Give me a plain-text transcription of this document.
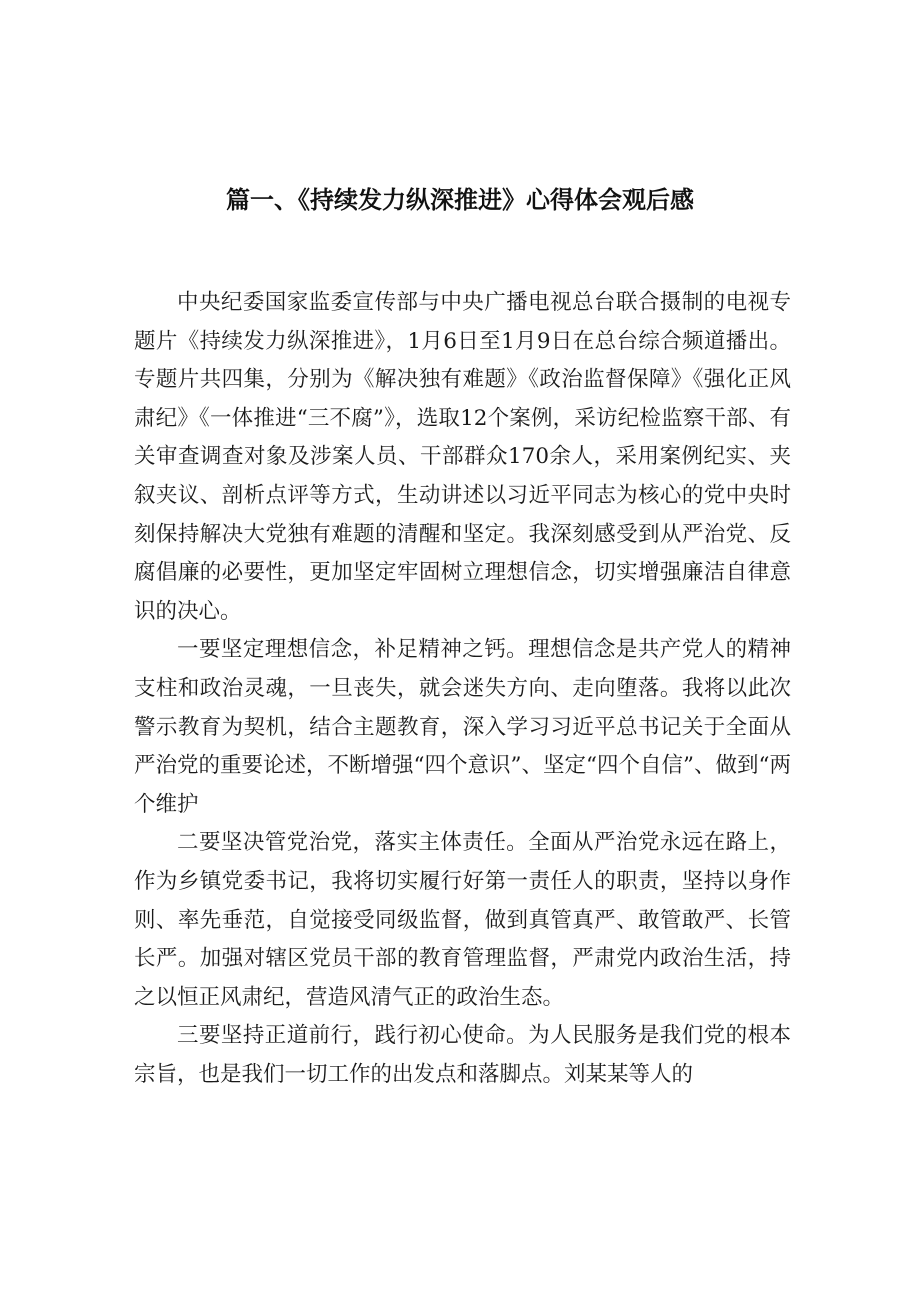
篇一、《持续发力纵深推进》心得体会观后感

中央纪委国家监委宣传部与中央广播电视总台联合摄制的电视专题片《持续发力纵深推进》，1月6日至1月9日在总台综合频道播出。专题片共四集，分别为《解决独有难题》《政治监督保障》《强化正风肃纪》《一体推进“三不腐”》，选取12个案例，采访纪检监察干部、有关审查调查对象及涉案人员、干部群众170余人，采用案例纪实、夹叙夹议、剖析点评等方式，生动讲述以习近平同志为核心的党中央时刻保持解决大党独有难题的清醒和坚定。我深刻感受到从严治党、反腐倡廉的必要性，更加坚定牢固树立理想信念，切实增强廉洁自律意识的决心。

一要坚定理想信念，补足精神之钙。理想信念是共产党人的精神支柱和政治灵魂，一旦丧失，就会迷失方向、走向堕落。我将以此次警示教育为契机，结合主题教育，深入学习习近平总书记关于全面从严治党的重要论述，不断增强“四个意识”、坚定“四个自信”、做到“两个维护

二要坚决管党治党，落实主体责任。全面从严治党永远在路上，作为乡镇党委书记，我将切实履行好第一责任人的职责，坚持以身作则、率先垂范，自觉接受同级监督，做到真管真严、敢管敢严、长管长严。加强对辖区党员干部的教育管理监督，严肃党内政治生活，持之以恒正风肃纪，营造风清气正的政治生态。

三要坚持正道前行，践行初心使命。为人民服务是我们党的根本宗旨，也是我们一切工作的出发点和落脚点。刘某某等人的
